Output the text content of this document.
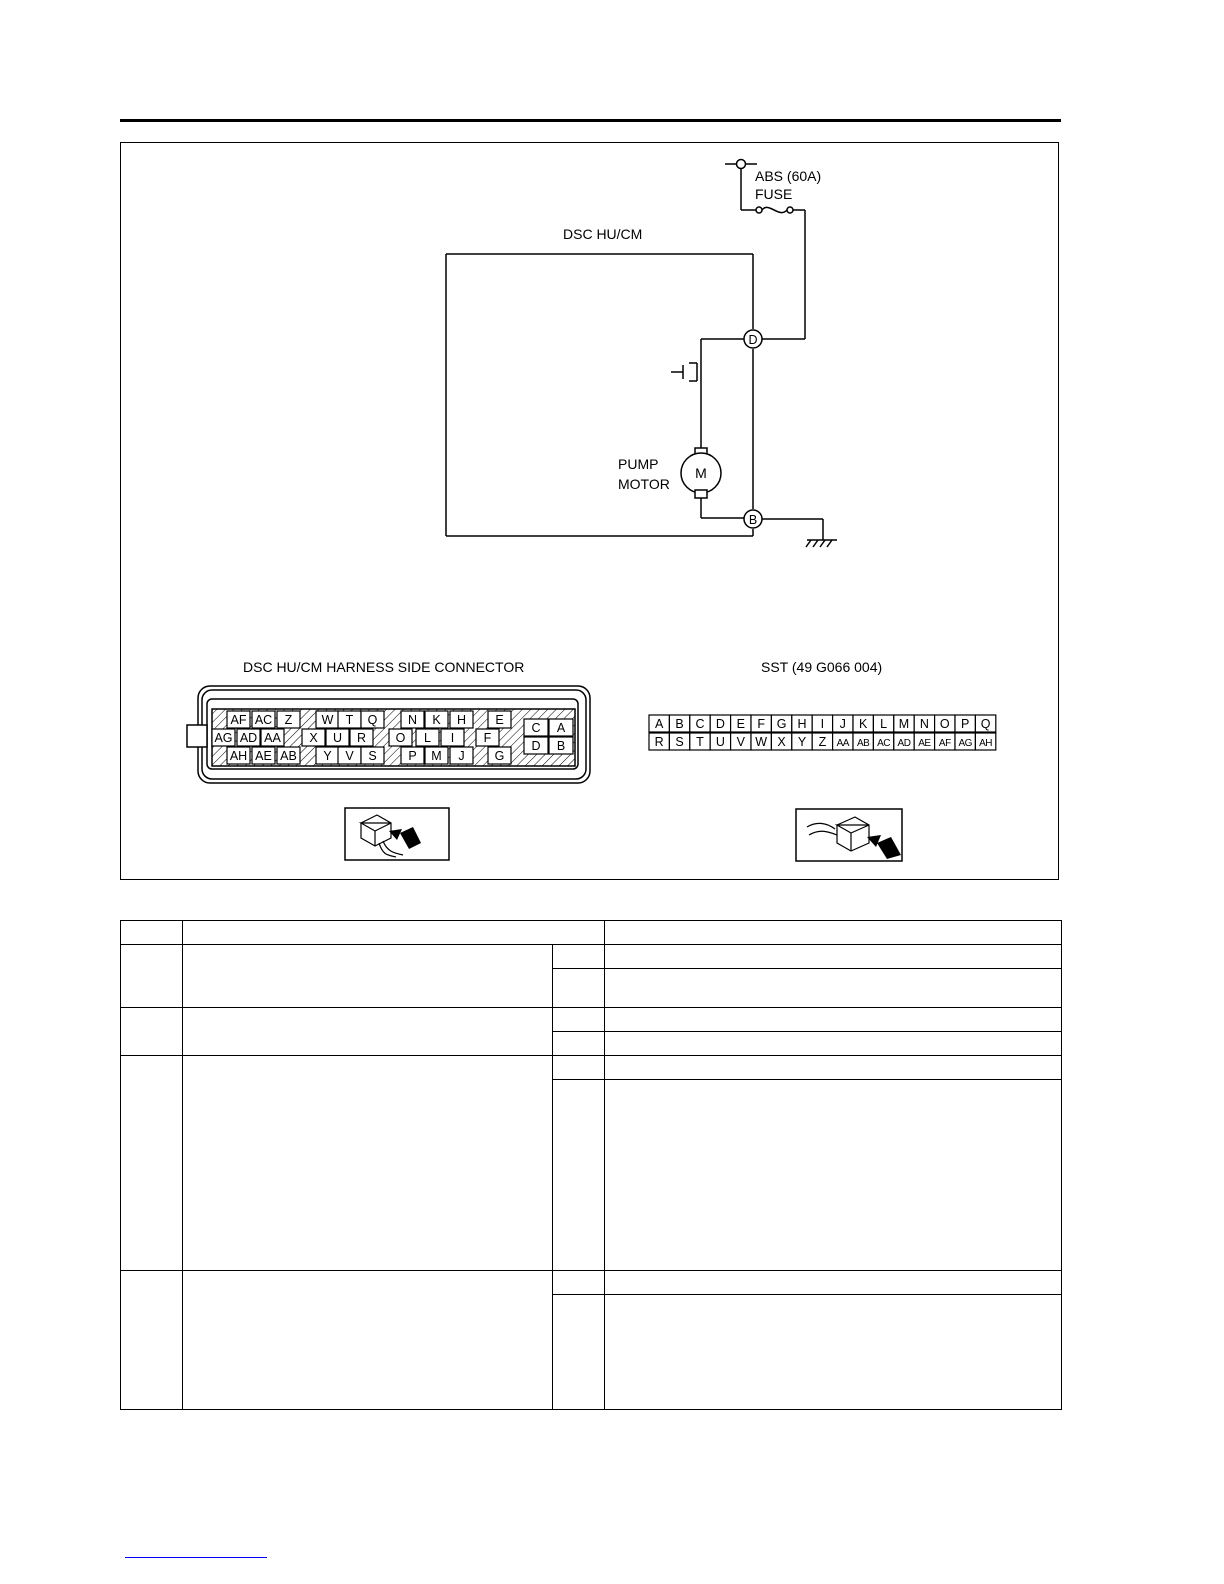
ABS (60A)
FUSE
DSC HU/CM
D
M
PUMP
MOTOR
B
DSC HU/CM HARNESS SIDE CONNECTOR
AF AC Z W T Q N K H E
AG AD AA X U R O L I F
AH AE AB Y V S	P M J G
C A
D B
SST (49 G066 004)
A B C D E F G H I J K L M N O P Q
R S T U V W X Y Z AA AB AC AD AE AF AG AH
